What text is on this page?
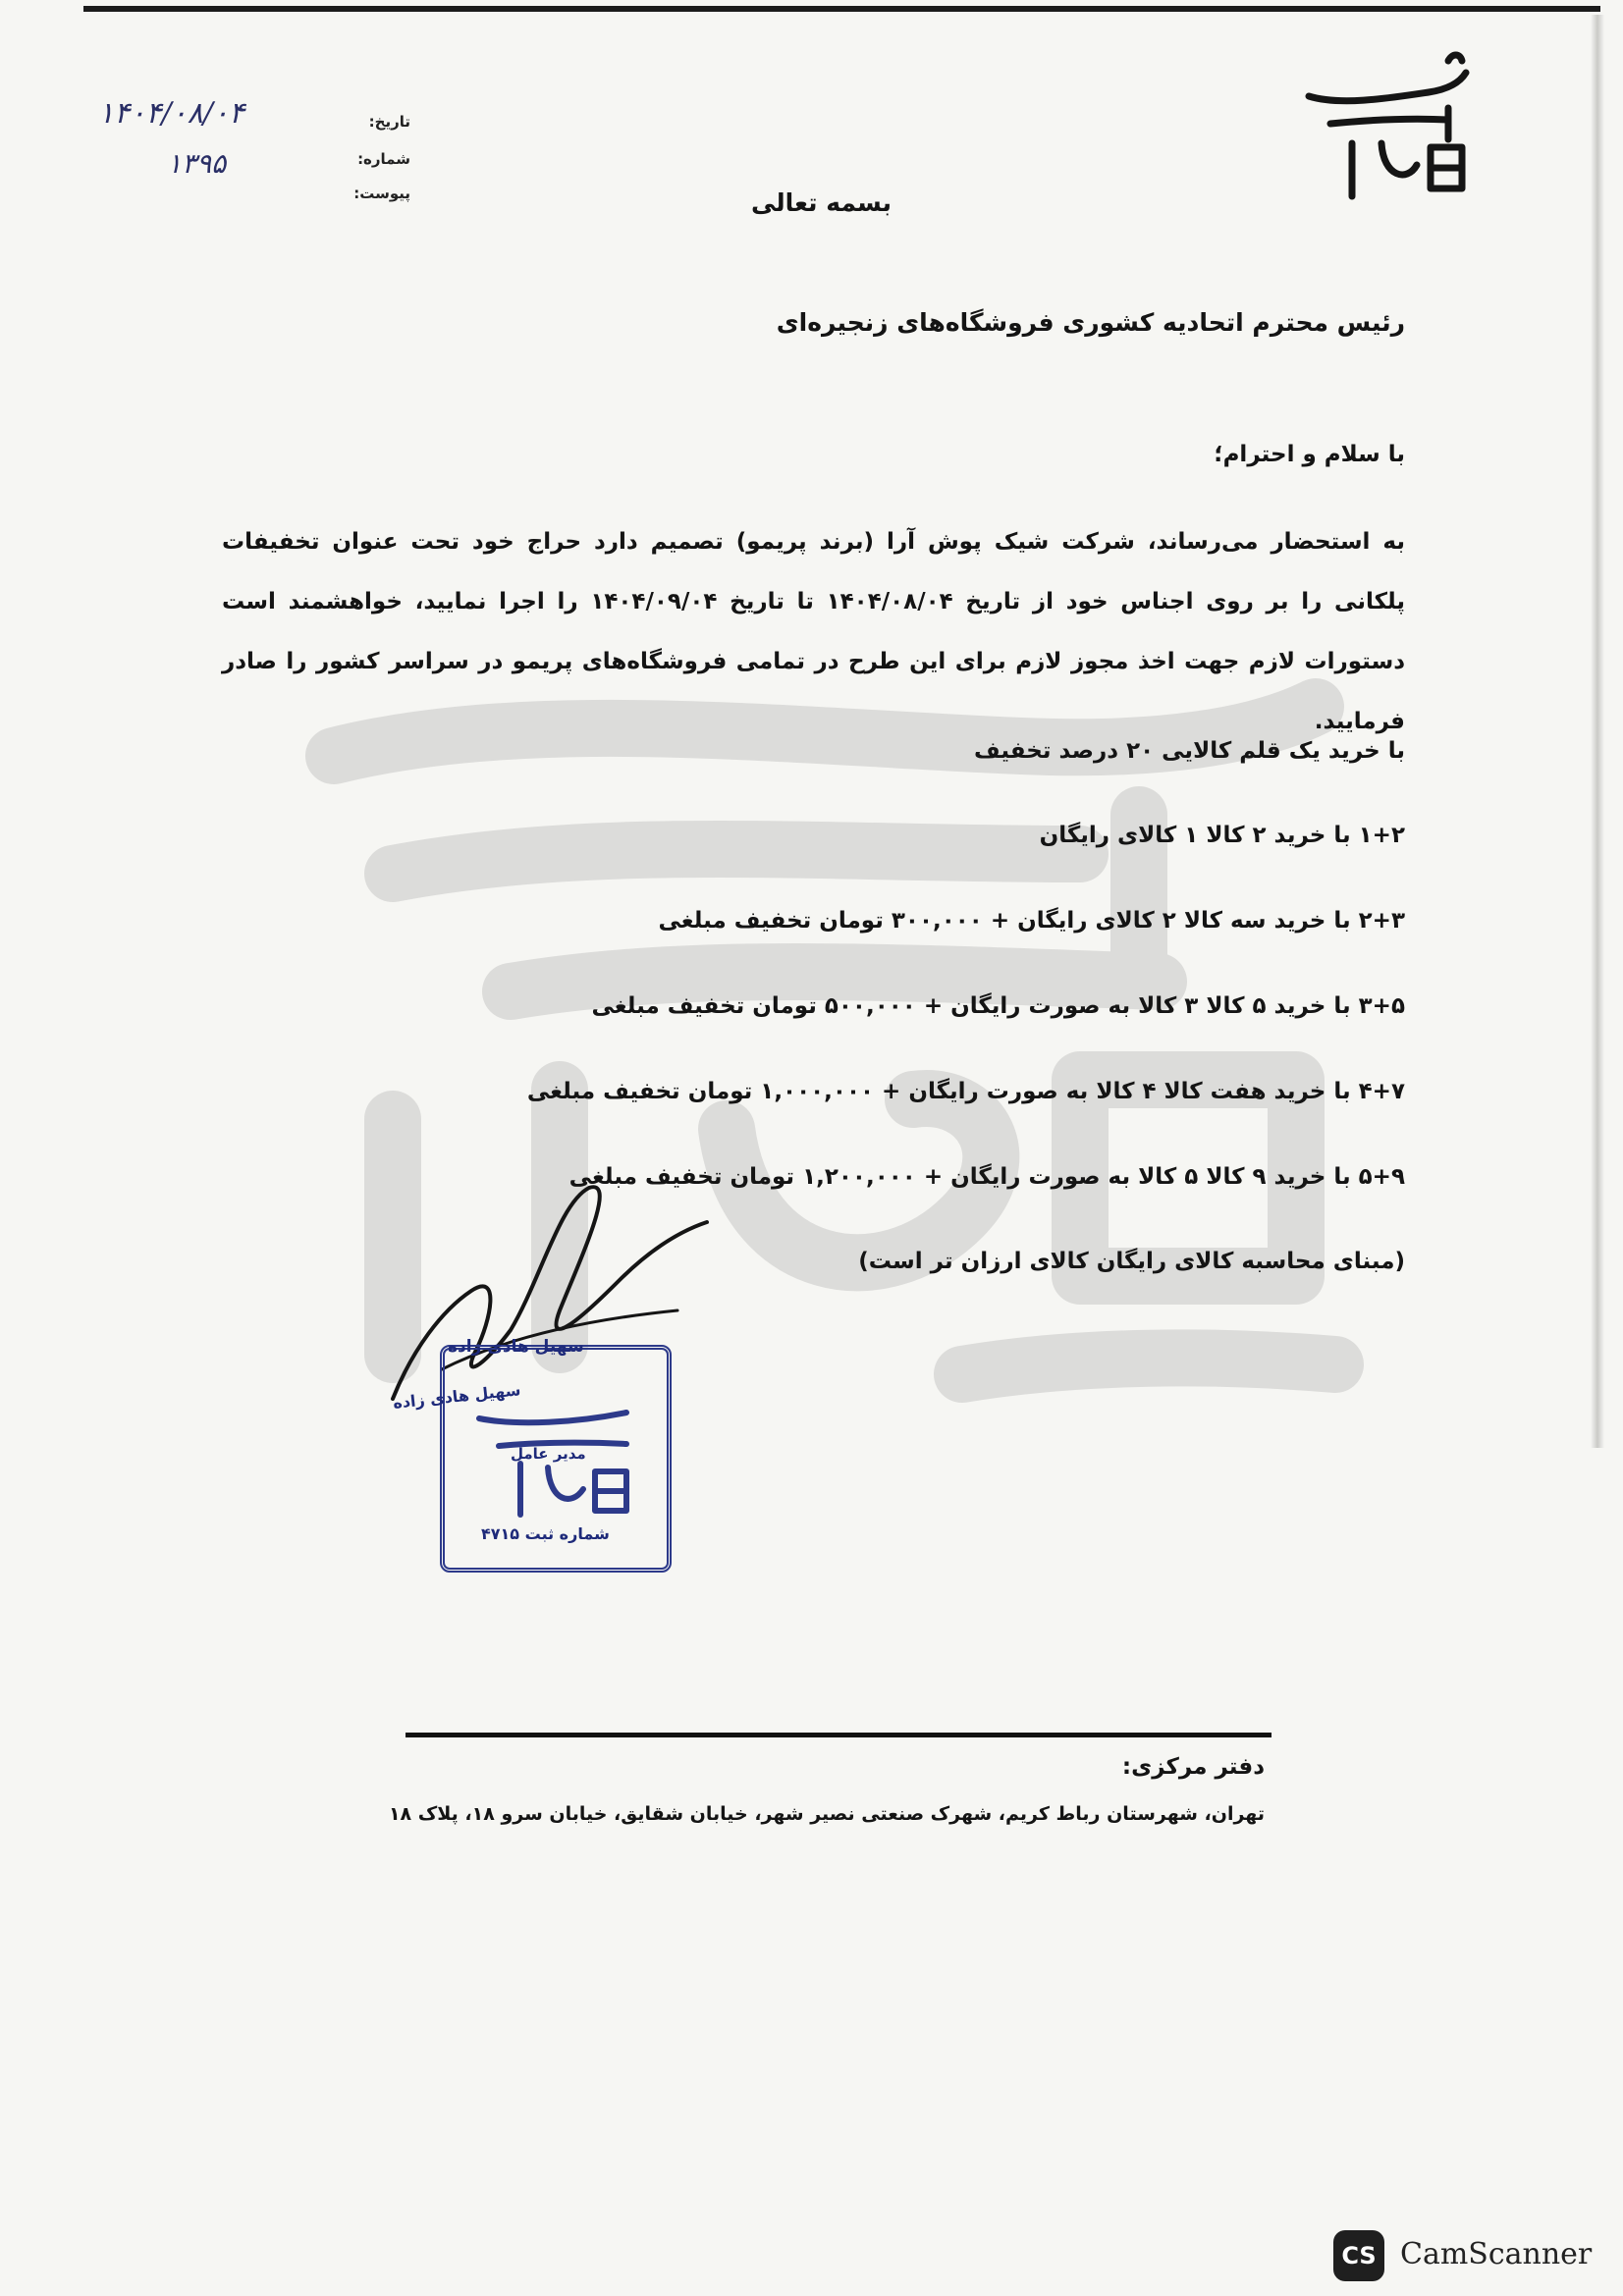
تاریخ:
شماره:
پیوست:
۱۴۰۴/۰۸/۰۴
۱۳۹۵
بسمه تعالی
رئیس محترم اتحادیه کشوری فروشگاه‌های زنجیره‌ای
با سلام و احترام؛
به استحضار می‌رساند، شرکت شیک پوش آرا (برند پریمو) تصمیم دارد حراج خود تحت عنوان تخفیفات پلکانی را بر روی اجناس خود از تاریخ ۱۴۰۴/۰۸/۰۴ تا تاریخ ۱۴۰۴/۰۹/۰۴ را اجرا نمایید، خواهشمند است دستورات لازم جهت اخذ مجوز لازم برای این طرح در تمامی فروشگاه‌های پریمو در سراسر کشور را صادر فرمایید.
با خرید یک قلم کالایی ۲۰ درصد تخفیف
۱+۲ با خرید ۲ کالا ۱ کالای رایگان
۲+۳ با خرید سه کالا ۲ کالای رایگان + ۳۰۰,۰۰۰ تومان تخفیف مبلغی
۳+۵ با خرید ۵ کالا ۳ کالا به صورت رایگان + ۵۰۰,۰۰۰ تومان تخفیف مبلغی
۴+۷ با خرید هفت کالا ۴ کالا به صورت رایگان + ۱,۰۰۰,۰۰۰ تومان تخفیف مبلغی
۵+۹ با خرید ۹ کالا ۵ کالا به صورت رایگان + ۱,۲۰۰,۰۰۰ تومان تخفیف مبلغی
(مبنای محاسبه کالای رایگان کالای ارزان تر است)
سهیل هادی زاده
سهیل هادی زاده
مدیر عامل
شماره ثبت ۴۷۱۵
دفتر مرکزی:
تهران، شهرستان رباط کریم، شهرک صنعتی نصیر شهر، خیابان شقایق، خیابان سرو ۱۸، پلاک ۱۸
CS CamScanner
